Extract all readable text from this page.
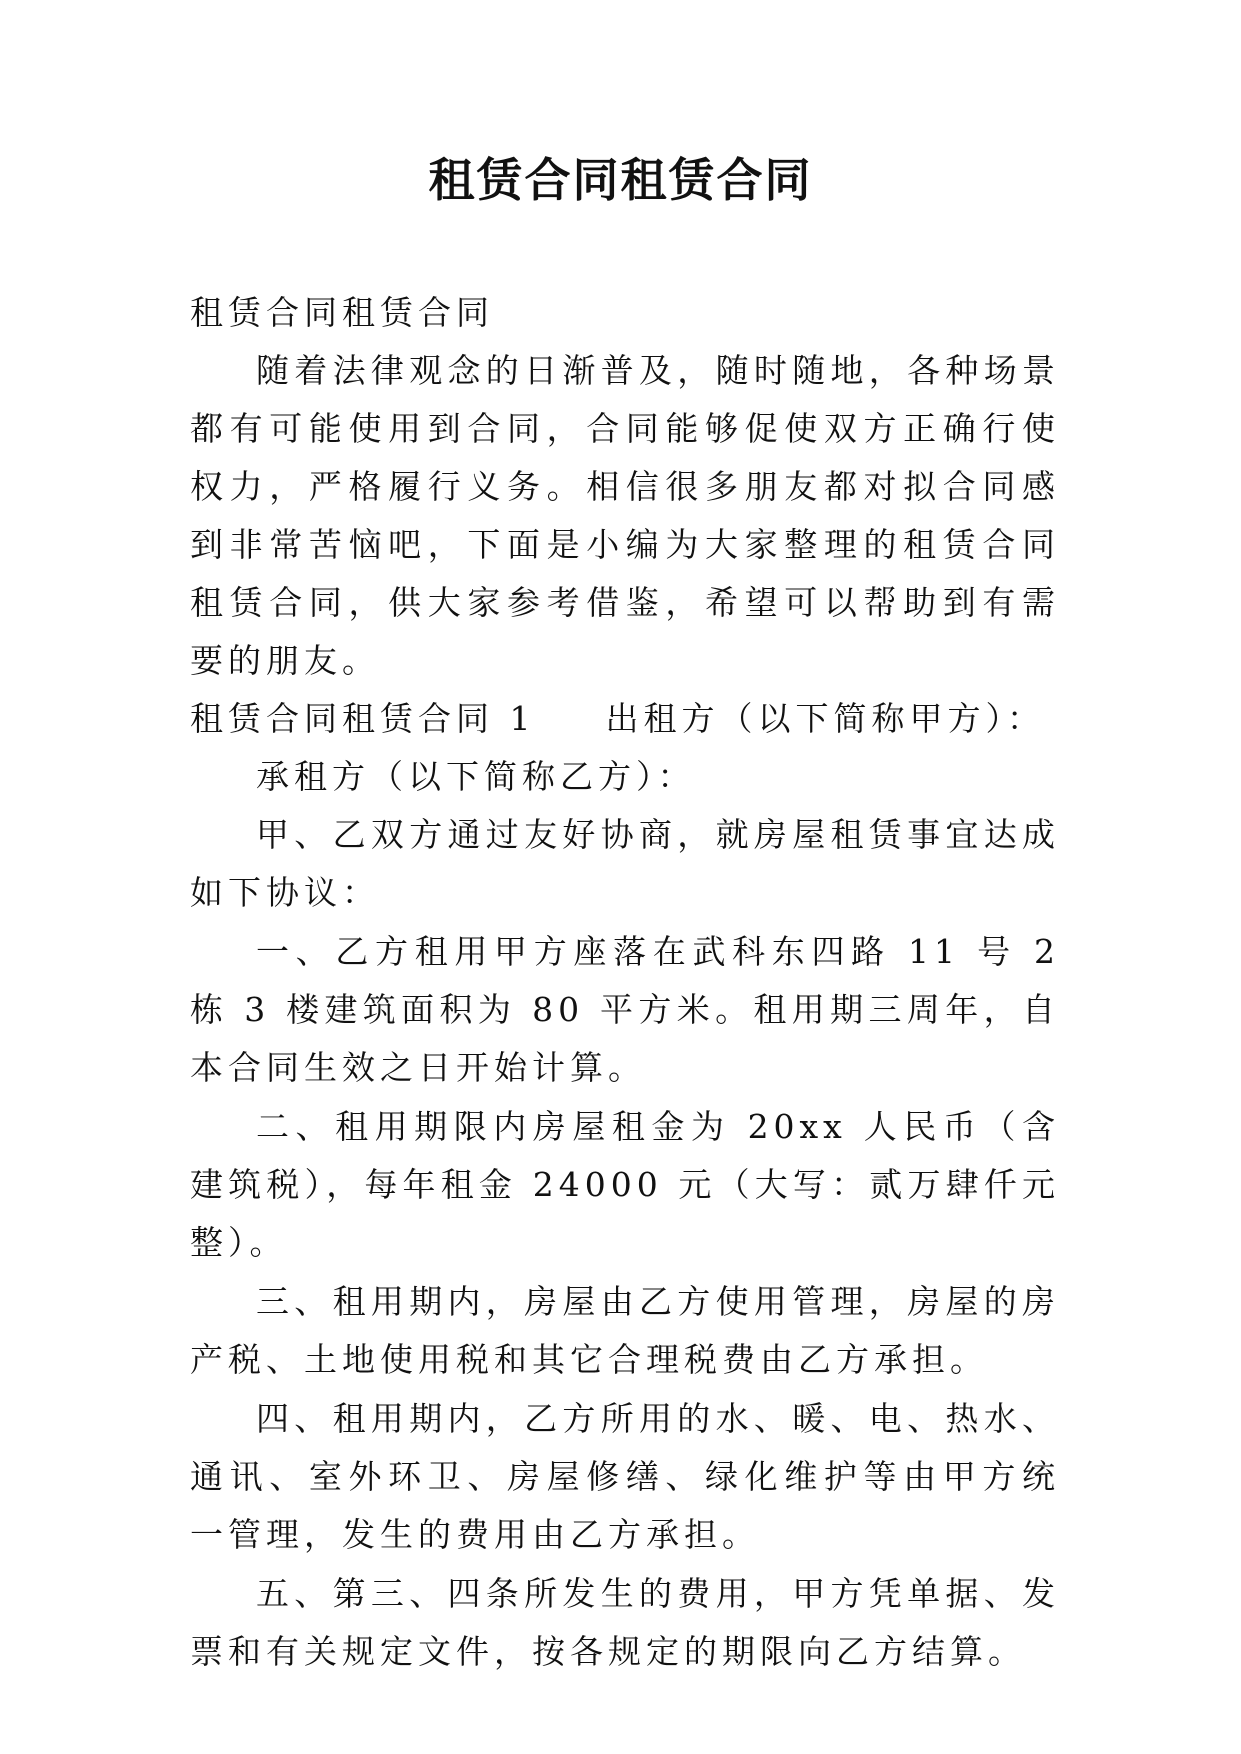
租赁合同租赁合同

租赁合同租赁合同

随着法律观念的日渐普及，随时随地，各种场景都有可能使用到合同，合同能够促使双方正确行使权力，严格履行义务。相信很多朋友都对拟合同感到非常苦恼吧，下面是小编为大家整理的租赁合同租赁合同，供大家参考借鉴，希望可以帮助到有需要的朋友。

租赁合同租赁合同 1 出租方（以下简称甲方）：

承租方（以下简称乙方）：

甲、乙双方通过友好协商，就房屋租赁事宜达成如下协议：

一、乙方租用甲方座落在武科东四路 11 号 2 栋 3 楼建筑面积为 80 平方米。租用期三周年，自本合同生效之日开始计算。

二、租用期限内房屋租金为 20xx 人民币（含建筑税），每年租金 24000 元（大写：贰万肆仟元整）。

三、租用期内，房屋由乙方使用管理，房屋的房产税、土地使用税和其它合理税费由乙方承担。

四、租用期内，乙方所用的水、暖、电、热水、通讯、室外环卫、房屋修缮、绿化维护等由甲方统一管理，发生的费用由乙方承担。

五、第三、四条所发生的费用，甲方凭单据、发票和有关规定文件，按各规定的期限向乙方结算。
